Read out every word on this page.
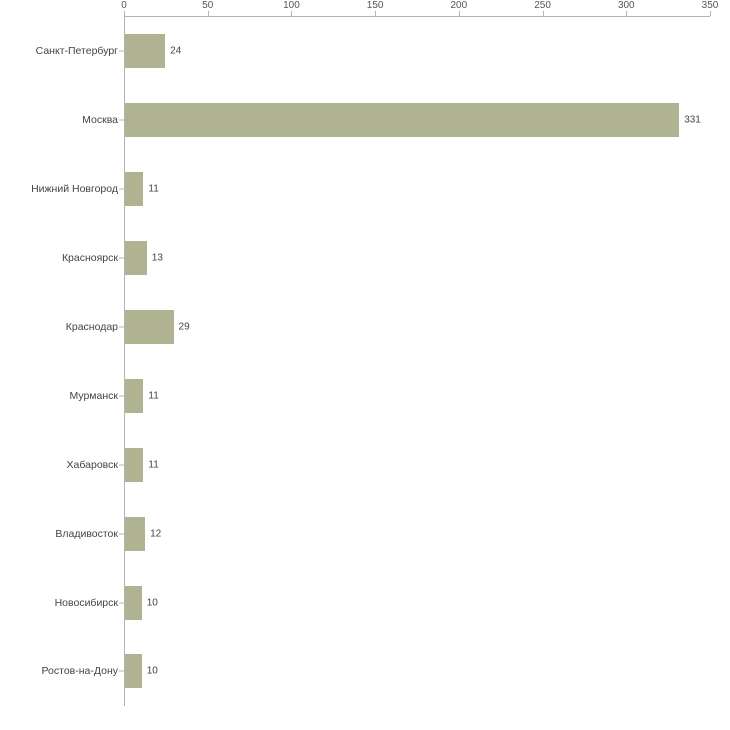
0	50	100	150	200	250	300	350
Санкт-Петербург	24
Москва	331
Нижний Новгород	11
Красноярск	13
Краснодар	29
Мурманск	11
Хабаровск	11
Владивосток	12
Новосибирск	10
Ростов-на-Дону	10
